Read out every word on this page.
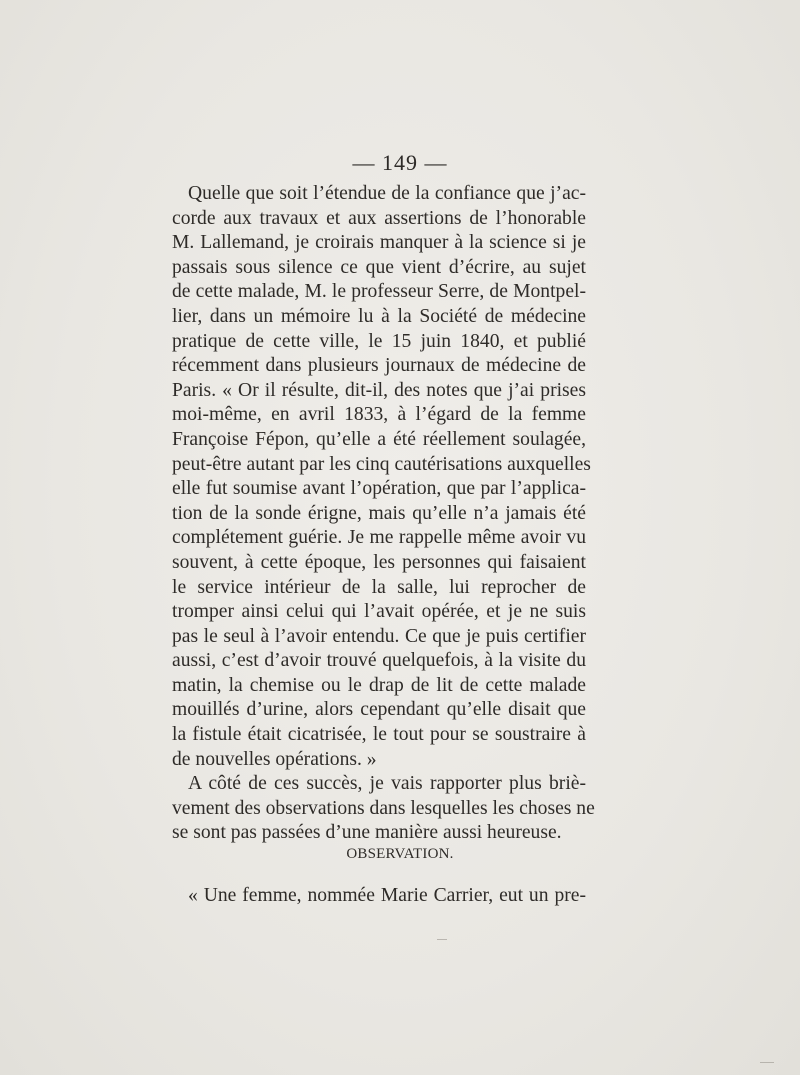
— 149 —
Quelle que soit l’étendue de la confiance que j’ac-
corde aux travaux et aux assertions de l’honorable
M. Lallemand, je croirais manquer à la science si je
passais sous silence ce que vient d’écrire, au sujet
de cette malade, M. le professeur Serre, de Montpel-
lier, dans un mémoire lu à la Société de médecine
pratique de cette ville, le 15 juin 1840, et publié
récemment dans plusieurs journaux de médecine de
Paris. « Or il résulte, dit-il, des notes que j’ai prises
moi-même, en avril 1833, à l’égard de la femme
Françoise Fépon, qu’elle a été réellement soulagée,
peut-être autant par les cinq cautérisations auxquelles
elle fut soumise avant l’opération, que par l’applica-
tion de la sonde érigne, mais qu’elle n’a jamais été
complétement guérie. Je me rappelle même avoir vu
souvent, à cette époque, les personnes qui faisaient
le service intérieur de la salle, lui reprocher de
tromper ainsi celui qui l’avait opérée, et je ne suis
pas le seul à l’avoir entendu. Ce que je puis certifier
aussi, c’est d’avoir trouvé quelquefois, à la visite du
matin, la chemise ou le drap de lit de cette malade
mouillés d’urine, alors cependant qu’elle disait que
la fistule était cicatrisée, le tout pour se soustraire à
de nouvelles opérations. »
A côté de ces succès, je vais rapporter plus briè-
vement des observations dans lesquelles les choses ne
se sont pas passées d’une manière aussi heureuse.
OBSERVATION.
« Une femme, nommée Marie Carrier, eut un pre-
